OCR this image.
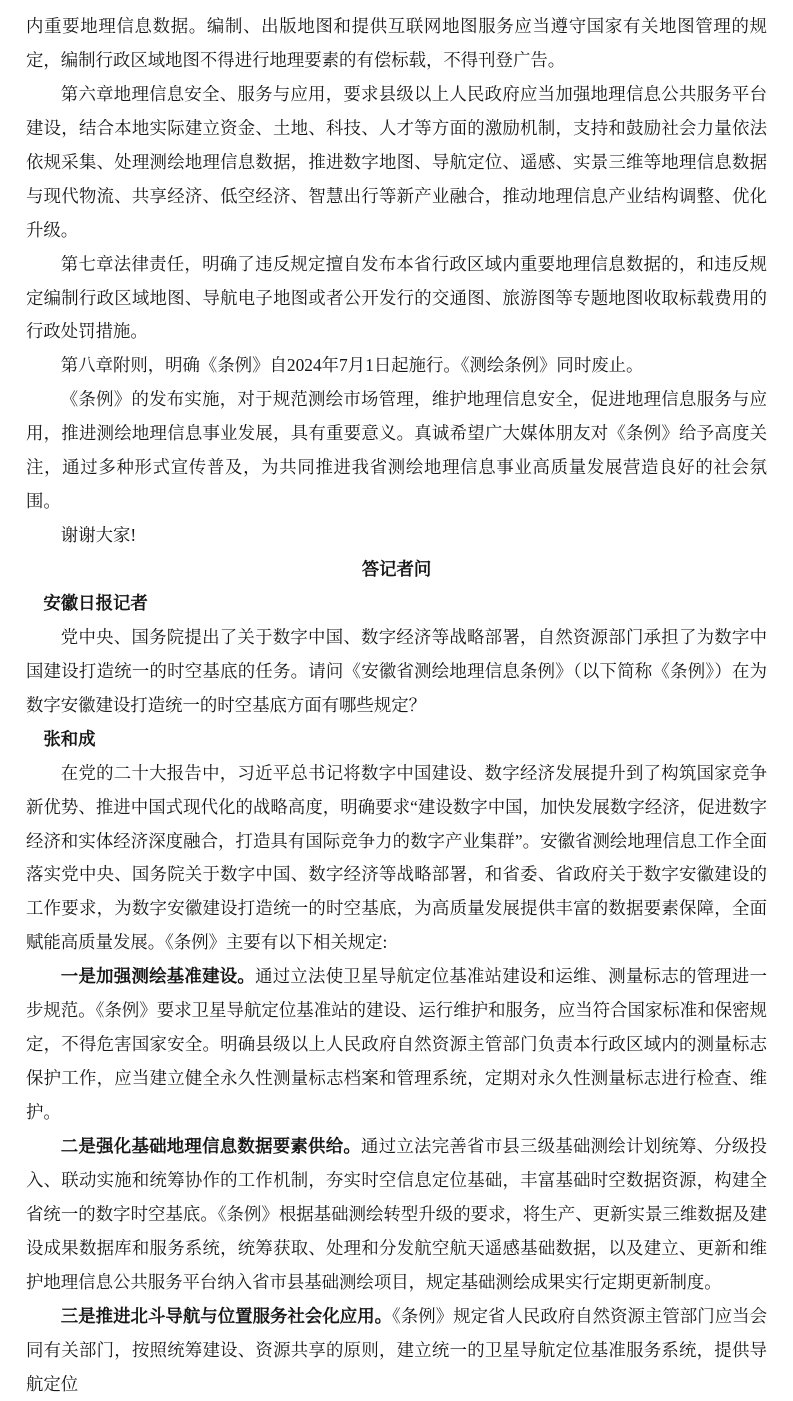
内重要地理信息数据。编制、出版地图和提供互联网地图服务应当遵守国家有关地图管理的规定，编制行政区域地图不得进行地理要素的有偿标载，不得刊登广告。

第六章地理信息安全、服务与应用，要求县级以上人民政府应当加强地理信息公共服务平台建设，结合本地实际建立资金、土地、科技、人才等方面的激励机制，支持和鼓励社会力量依法依规采集、处理测绘地理信息数据，推进数字地图、导航定位、遥感、实景三维等地理信息数据与现代物流、共享经济、低空经济、智慧出行等新产业融合，推动地理信息产业结构调整、优化升级。

第七章法律责任，明确了违反规定擅自发布本省行政区域内重要地理信息数据的，和违反规定编制行政区域地图、导航电子地图或者公开发行的交通图、旅游图等专题地图收取标载费用的行政处罚措施。

第八章附则，明确《条例》自2024年7月1日起施行。《测绘条例》同时废止。

《条例》的发布实施，对于规范测绘市场管理，维护地理信息安全，促进地理信息服务与应用，推进测绘地理信息事业发展，具有重要意义。真诚希望广大媒体朋友对《条例》给予高度关注，通过多种形式宣传普及，为共同推进我省测绘地理信息事业高质量发展营造良好的社会氛围。

谢谢大家!

答记者问

安徽日报记者

党中央、国务院提出了关于数字中国、数字经济等战略部署，自然资源部门承担了为数字中国建设打造统一的时空基底的任务。请问《安徽省测绘地理信息条例》（以下简称《条例》）在为数字安徽建设打造统一的时空基底方面有哪些规定？

张和成

在党的二十大报告中，习近平总书记将数字中国建设、数字经济发展提升到了构筑国家竞争新优势、推进中国式现代化的战略高度，明确要求“建设数字中国，加快发展数字经济，促进数字经济和实体经济深度融合，打造具有国际竞争力的数字产业集群”。安徽省测绘地理信息工作全面落实党中央、国务院关于数字中国、数字经济等战略部署，和省委、省政府关于数字安徽建设的工作要求，为数字安徽建设打造统一的时空基底，为高质量发展提供丰富的数据要素保障，全面赋能高质量发展。《条例》主要有以下相关规定:

一是加强测绘基准建设。通过立法使卫星导航定位基准站建设和运维、测量标志的管理进一步规范。《条例》要求卫星导航定位基准站的建设、运行维护和服务，应当符合国家标准和保密规定，不得危害国家安全。明确县级以上人民政府自然资源主管部门负责本行政区域内的测量标志保护工作，应当建立健全永久性测量标志档案和管理系统，定期对永久性测量标志进行检查、维护。

二是强化基础地理信息数据要素供给。通过立法完善省市县三级基础测绘计划统筹、分级投入、联动实施和统筹协作的工作机制，夯实时空信息定位基础，丰富基础时空数据资源，构建全省统一的数字时空基底。《条例》根据基础测绘转型升级的要求，将生产、更新实景三维数据及建设成果数据库和服务系统，统筹获取、处理和分发航空航天遥感基础数据，以及建立、更新和维护地理信息公共服务平台纳入省市县基础测绘项目，规定基础测绘成果实行定期更新制度。

三是推进北斗导航与位置服务社会化应用。《条例》规定省人民政府自然资源主管部门应当会同有关部门，按照统筹建设、资源共享的原则，建立统一的卫星导航定位基准服务系统，提供导航定位
